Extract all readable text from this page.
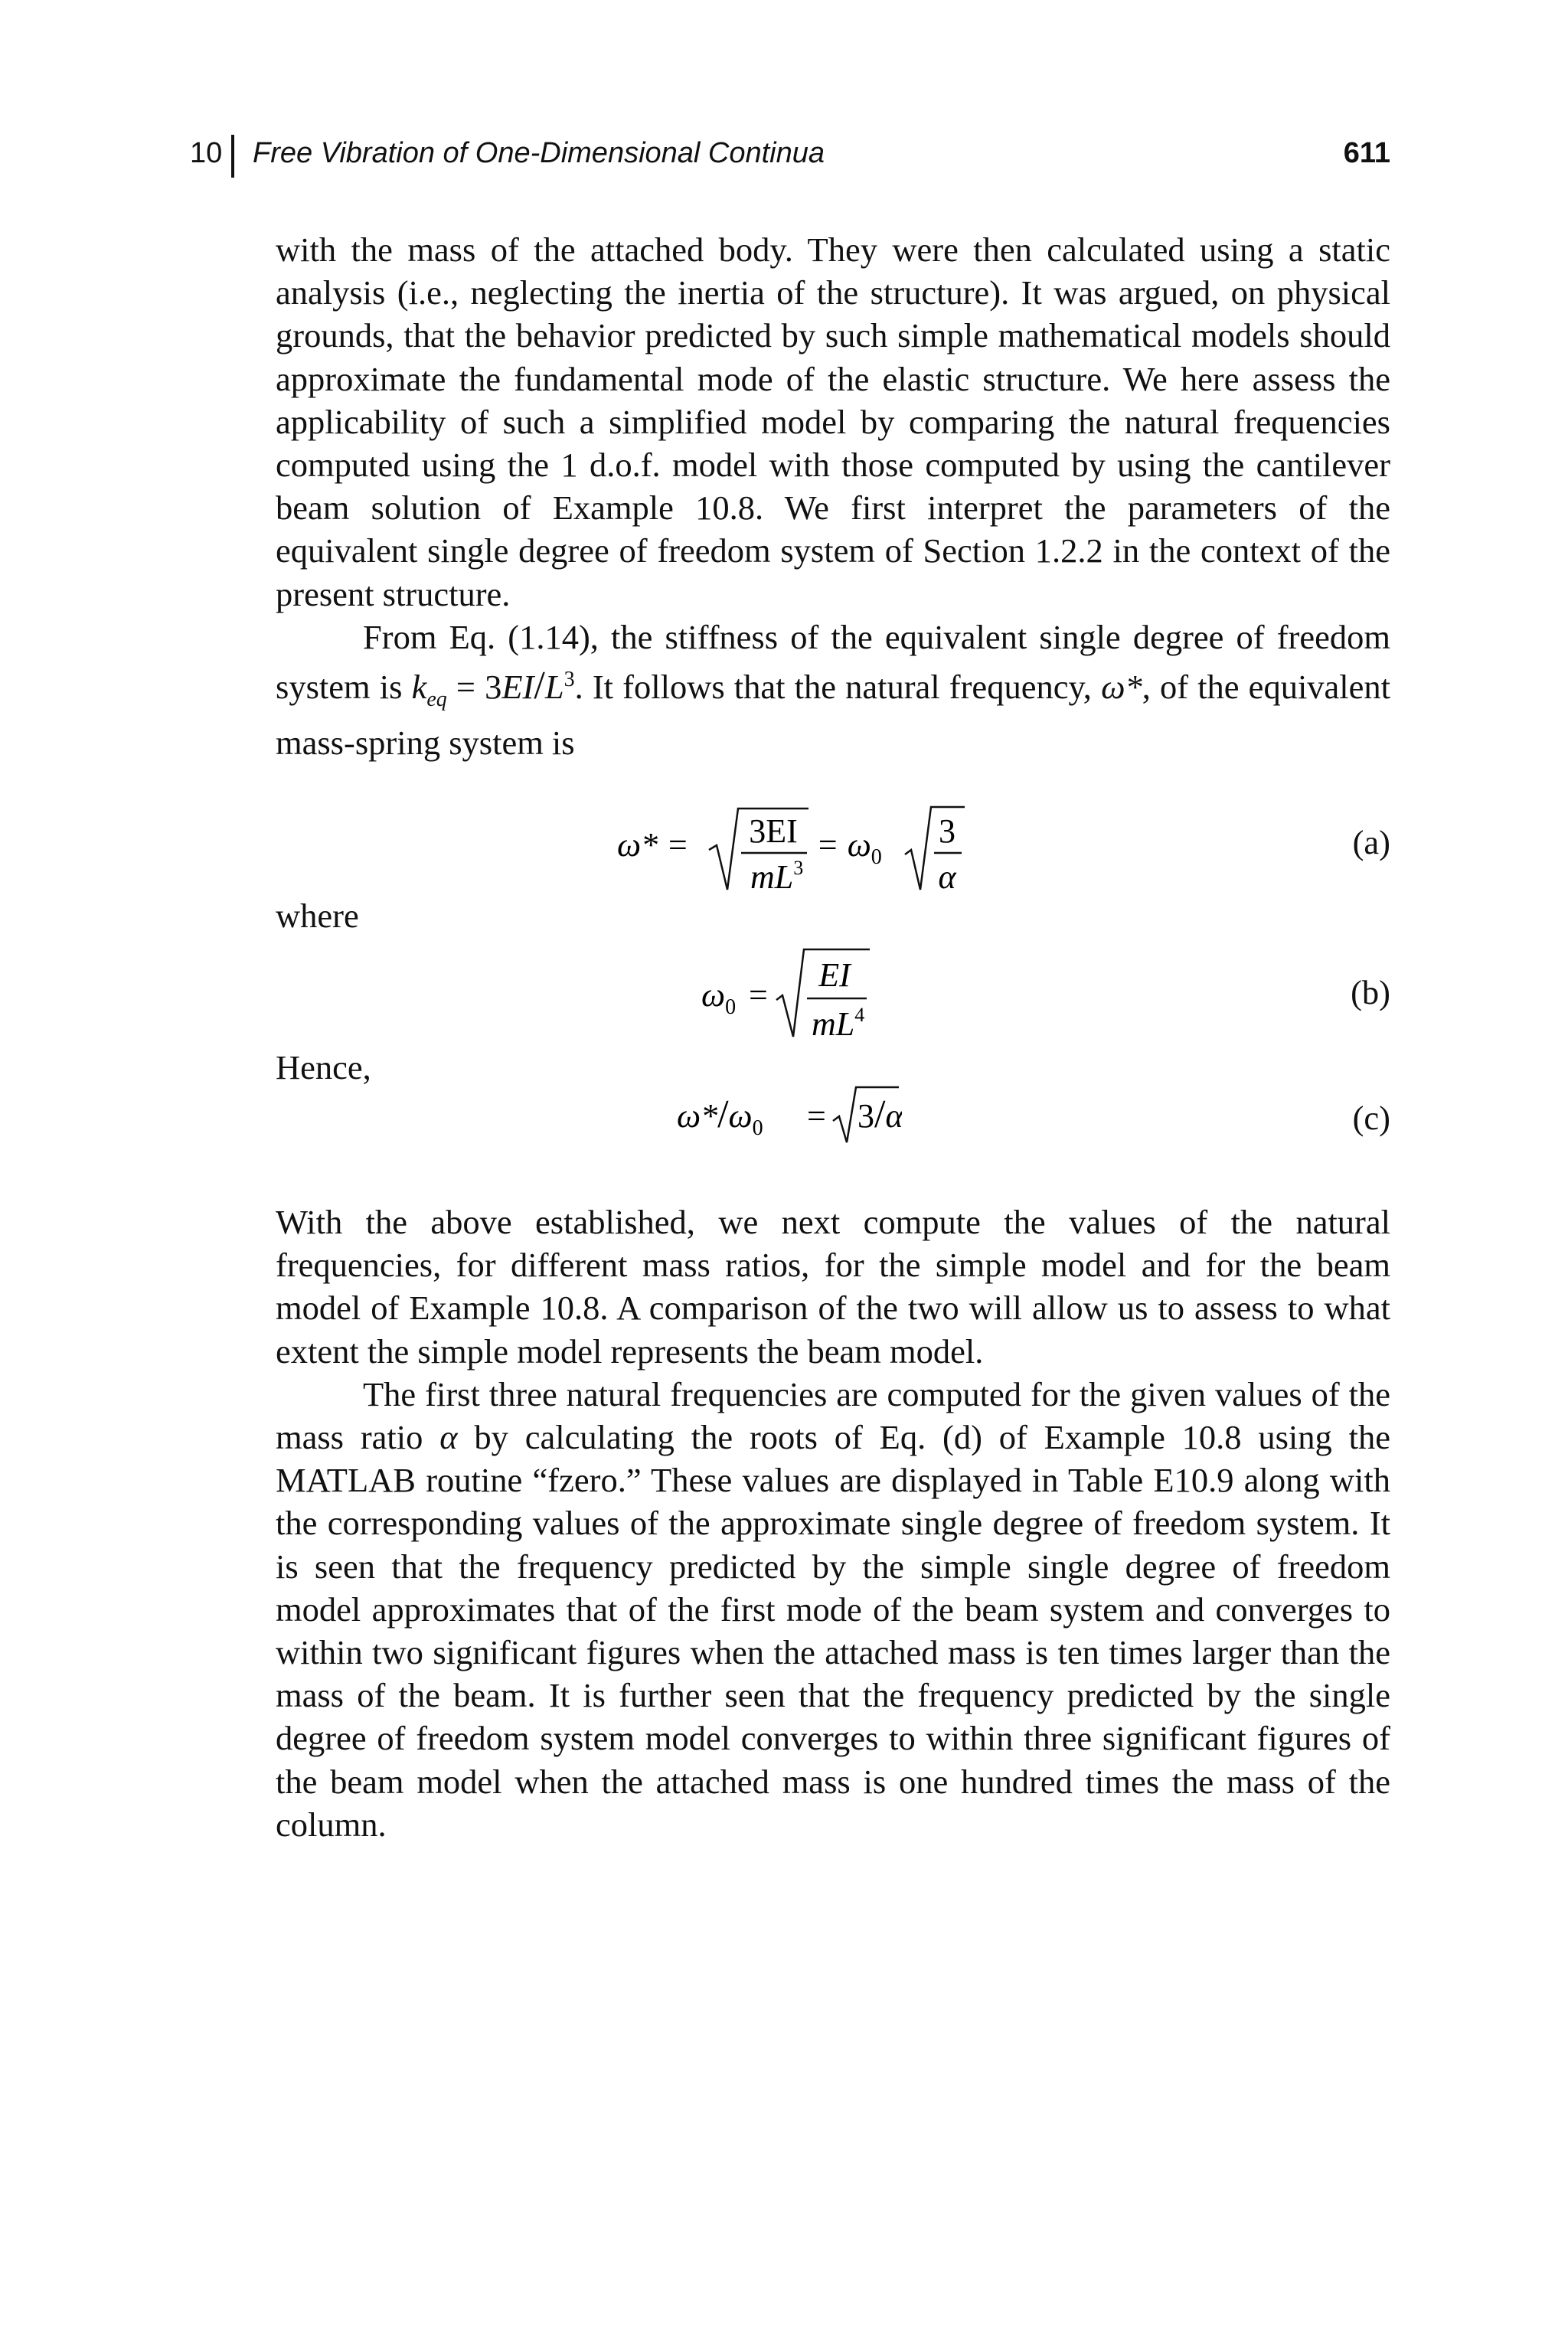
10 Free Vibration of One-Dimensional Continua	611

with the mass of the attached body. They were then calculated using a static analysis (i.e., neglecting the inertia of the structure). It was argued, on physical grounds, that the behavior predicted by such simple mathematical models should approximate the fundamental mode of the elastic structure. We here assess the applicability of such a simplified model by comparing the natural frequencies computed using the 1 d.o.f. model with those computed by using the cantilever beam solution of Example 10.8. We first interpret the parameters of the equivalent single degree of freedom system of Section 1.2.2 in the context of the present structure.

From Eq. (1.14), the stiffness of the equivalent single degree of freedom system is $k_{eq} = 3EI/L^3$. It follows that the natural frequency, ω*, of the equivalent mass-spring system is

ω* = 3EI
$mL^3$
= $\omega_0$
3
α
(a)
where
$\omega_0$ =
EI
$mL^4$
(b)
Hence,
$\omega*/\omega_0 = 3/\alpha$	(c)

With the above established, we next compute the values of the natural frequencies, for different mass ratios, for the simple model and for the beam model of Example 10.8. A comparison of the two will allow us to assess to what extent the simple model represents the beam model.

The first three natural frequencies are computed for the given values of the mass ratio α by calculating the roots of Eq. (d) of Example 10.8 using the MATLAB routine “fzero.” These values are displayed in Table E10.9 along with the corresponding values of the approximate single degree of freedom system. It is seen that the frequency predicted by the simple single degree of freedom model approximates that of the first mode of the beam system and converges to within two significant figures when the attached mass is ten times larger than the mass of the beam. It is further seen that the frequency predicted by the single degree of freedom system model converges to within three significant figures of the beam model when the attached mass is one hundred times the mass of the column.
